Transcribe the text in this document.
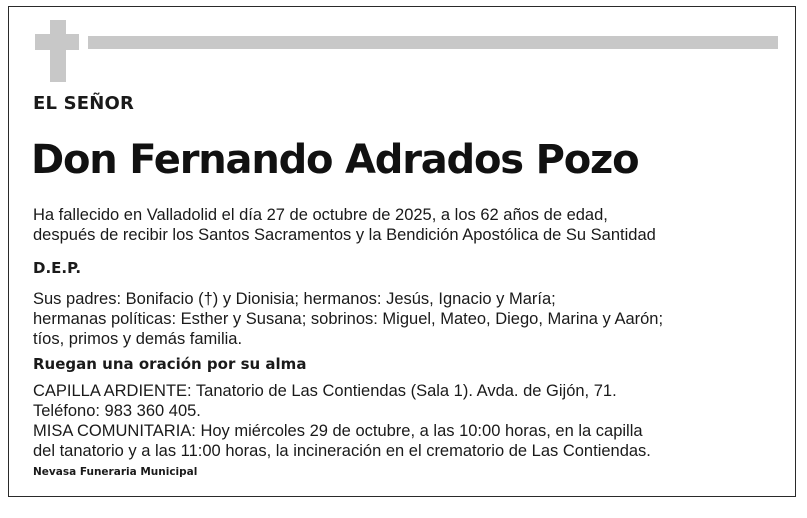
EL SEÑOR
Don Fernando Adrados Pozo

Ha fallecido en Valladolid el día 27 de octubre de 2025, a los 62 años de edad,
después de recibir los Santos Sacramentos y la Bendición Apostólica de Su Santidad

D.E.P.

Sus padres: Bonifacio (†) y Dionisia; hermanos: Jesús, Ignacio y María;
hermanas políticas: Esther y Susana; sobrinos: Miguel, Mateo, Diego, Marina y Aarón;
tíos, primos y demás familia.

Ruegan una oración por su alma

CAPILLA ARDIENTE: Tanatorio de Las Contiendas (Sala 1). Avda. de Gijón, 71.
Teléfono: 983 360 405.
MISA COMUNITARIA: Hoy miércoles 29 de octubre, a las 10:00 horas, en la capilla
del tanatorio y a las 11:00 horas, la incineración en el crematorio de Las Contiendas.

Nevasa Funeraria Municipal
